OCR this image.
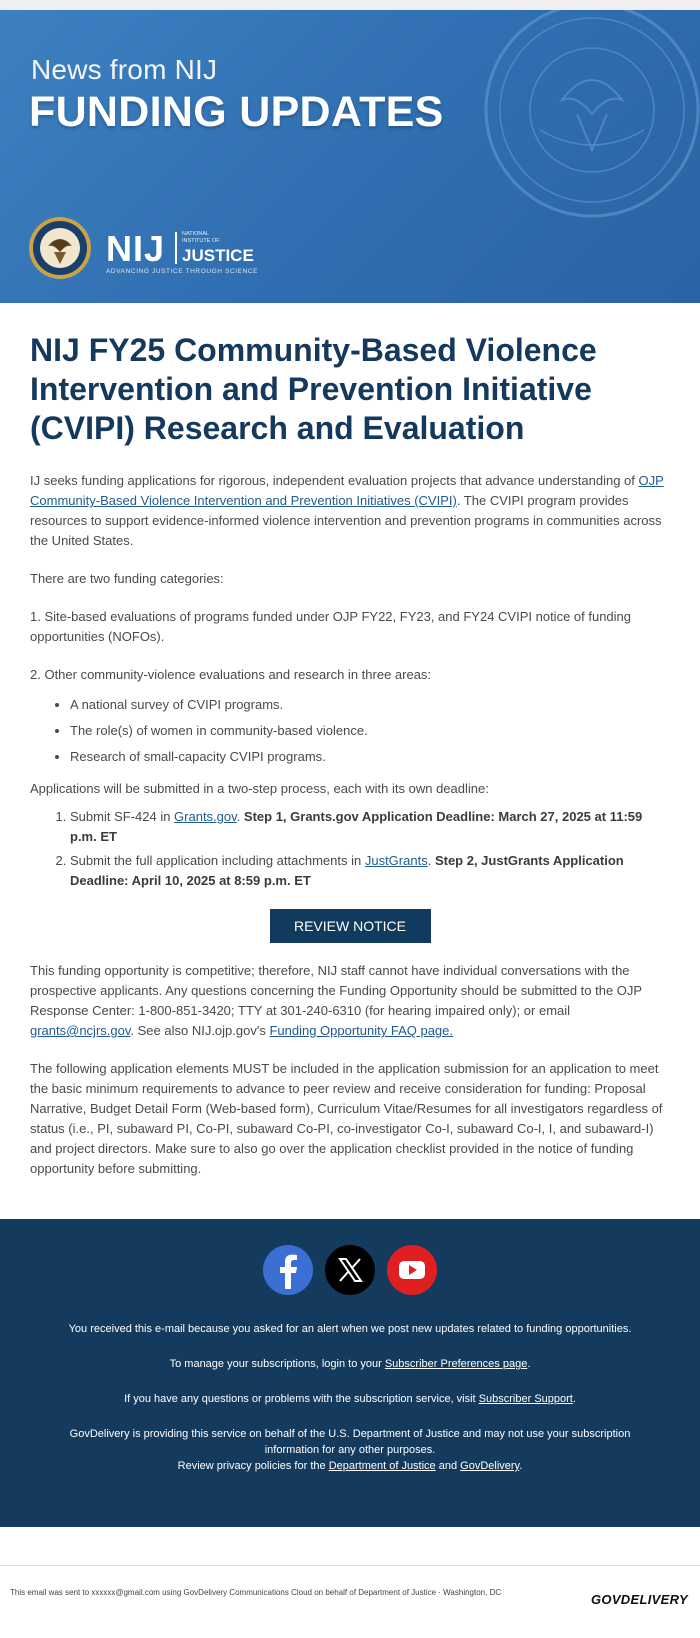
News from NIJ
FUNDING UPDATES
NIJ	NATIONAL INSTITUTE OF
JUSTICE
ADVANCING JUSTICE THROUGH SCIENCE
NIJ FY25 Community-Based Violence Intervention and Prevention Initiative (CVIPI) Research and Evaluation

IJ seeks funding applications for rigorous, independent evaluation projects that advance understanding of OJP Community-Based Violence Intervention and Prevention Initiatives (CVIPI). The CVIPI program provides resources to support evidence-informed violence intervention and prevention programs in communities across the United States.

There are two funding categories:

1. Site-based evaluations of programs funded under OJP FY22, FY23, and FY24 CVIPI notice of funding opportunities (NOFOs).

2. Other community-violence evaluations and research in three areas:

• A national survey of CVIPI programs.
• The role(s) of women in community-based violence.
• Research of small-capacity CVIPI programs.

Applications will be submitted in a two-step process, each with its own deadline:

1. Submit SF-424 in Grants.gov. Step 1, Grants.gov Application Deadline: March 27, 2025 at 11:59 p.m. ET
2. Submit the full application including attachments in JustGrants. Step 2, JustGrants Application Deadline: April 10, 2025 at 8:59 p.m. ET
REVIEW NOTICE

This funding opportunity is competitive; therefore, NIJ staff cannot have individual conversations with the prospective applicants. Any questions concerning the Funding Opportunity should be submitted to the OJP Response Center: 1-800-851-3420; TTY at 301-240-6310 (for hearing impaired only); or email grants@ncjrs.gov. See also NIJ.ojp.gov's Funding Opportunity FAQ page.

The following application elements MUST be included in the application submission for an application to meet the basic minimum requirements to advance to peer review and receive consideration for funding: Proposal Narrative, Budget Detail Form (Web-based form), Curriculum Vitae/Resumes for all investigators regardless of status (i.e., PI, subaward PI, Co-PI, subaward Co-PI, co-investigator Co-I, subaward Co-I, I, and subaward-I) and project directors. Make sure to also go over the application checklist provided in the notice of funding opportunity before submitting.

You received this e-mail because you asked for an alert when we post new updates related to funding opportunities.

To manage your subscriptions, login to your Subscriber Preferences page.

If you have any questions or problems with the subscription service, visit Subscriber Support.

GovDelivery is providing this service on behalf of the U.S. Department of Justice and may not use your subscription information for any other purposes.

Review privacy policies for the Department of Justice and GovDelivery.

This email was sent to xxxxxx@gmail.com using GovDelivery Communications Cloud on behalf of Department of Justice · Washington, DC	GOVDELIVERY
